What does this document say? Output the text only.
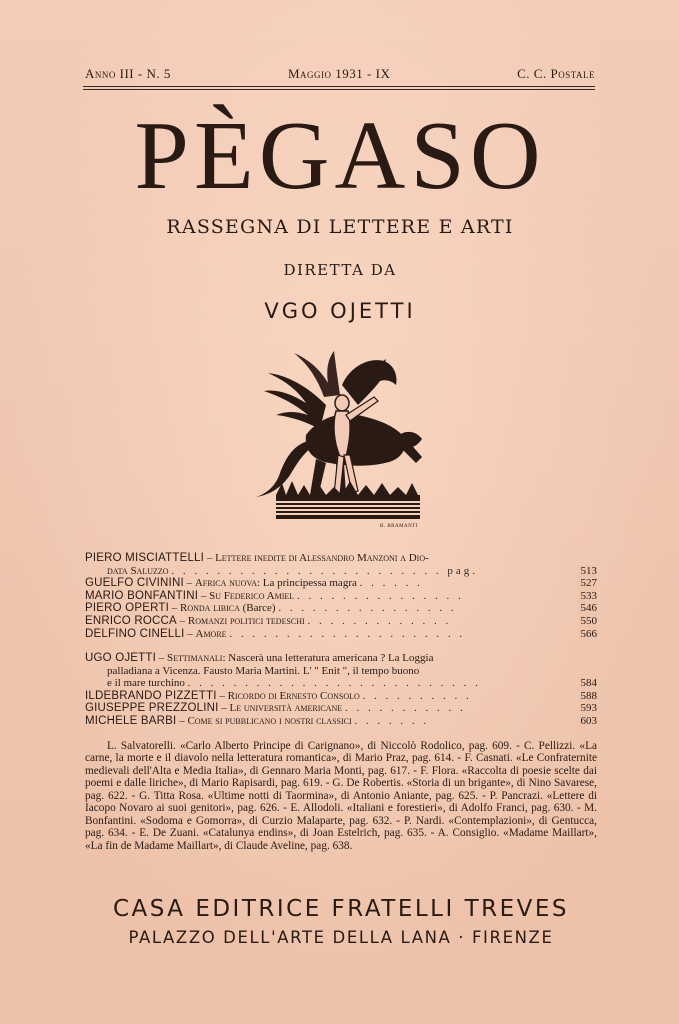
Anno III - N. 5	Maggio 1931 - IX	C. C. Postale
PÈGASO
RASSEGNA DI LETTERE E ARTI
DIRETTA DA
VGO OJETTI
B. BRAMANTI
PIERO MISCIATTELLI – Lettere inedite di Alessandro Manzoni a Dio-
data Saluzzo . . . . . . . . . . . . . . . . . . . . . . . . pag.	513
GUELFO CIVININI – Africa nuova: La principessa magra . . . . . .	527
MARIO BONFANTINI – Su Federico Amiel . . . . . . . . . . . . . . .	533
PIERO OPERTI – Ronda libica (Barce) . . . . . . . . . . . . . . . .	546
ENRICO ROCCA – Romanzi politici tedeschi . . . . . . . . . . . . .	550
DELFINO CINELLI – Amore . . . . . . . . . . . . . . . . . . . . .	566
UGO OJETTI – Settimanali: Nascerà una letteratura americana ? La Loggia
palladiana a Vicenza. Fausto Maria Martini. L' " Enit ", il tempo buono
e il mare turchino . . . . . . . . . . . . . . . . . . . . . . . . . .	584
ILDEBRANDO PIZZETTI – Ricordo di Ernesto Consolo . . . . . . . . . .	588
GIUSEPPE PREZZOLINI – Le università americane . . . . . . . . . . .	593
MICHELE BARBI – Come si pubblicano i nostri classici . . . . . . .	603

L. Salvatorelli. «Carlo Alberto Principe di Carignano», di Niccolò Rodolico, pag. 609. - C. Pellizzi. «La carne, la morte e il diavolo nella letteratura romantica», di Mario Praz, pag. 614. - F. Casnati. «Le Confraternite medievali dell'Alta e Media Italia», di Gennaro Maria Monti, pag. 617. - F. Flora. «Raccolta di poesie scelte dai poemi e dalle liriche», di Mario Rapisardi, pag. 619. - G. De Robertis. «Storia di un brigante», di Nino Savarese, pag. 622. - G. Titta Rosa. «Ultime notti di Taormina», di Antonio Aniante, pag. 625. - P. Pancrazi. «Lettere di Iacopo Novaro ai suoi genitori», pag. 626. - E. Allodoli. «Italiani e forestieri», di Adolfo Franci, pag. 630. - M. Bonfantini. «Sodoma e Gomorra», di Curzio Malaparte, pag. 632. - P. Nardi. «Contemplazioni», di Gentucca, pag. 634. - E. De Zuani. «Catalunya endins», di Joan Estelrich, pag. 635. - A. Consiglio. «Madame Maillart», «La fin de Madame Maillart», di Claude Aveline, pag. 638.

CASA EDITRICE FRATELLI TREVES
PALAZZO DELL'ARTE DELLA LANA · FIRENZE
